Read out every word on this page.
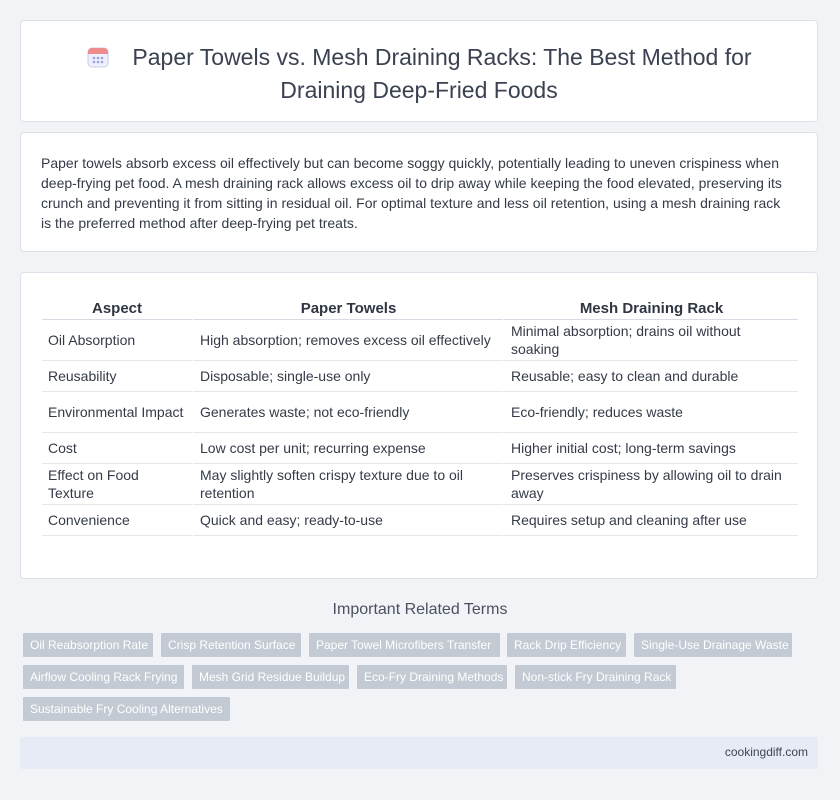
Paper Towels vs. Mesh Draining Racks: The Best Method for
Draining Deep-Fried Foods
Paper towels absorb excess oil effectively but can become soggy quickly, potentially leading to uneven crispiness when deep-frying pet food. A mesh draining rack allows excess oil to drip away while keeping the food elevated, preserving its crunch and preventing it from sitting in residual oil. For optimal texture and less oil retention, using a mesh draining rack is the preferred method after deep-frying pet treats.
Aspect	Paper Towels	Mesh Draining Rack
Oil Absorption	High absorption; removes excess oil effectively	Minimal absorption; drains oil without soaking
Reusability	Disposable; single-use only	Reusable; easy to clean and durable
Environmental Impact	Generates waste; not eco-friendly	Eco-friendly; reduces waste
Cost	Low cost per unit; recurring expense	Higher initial cost; long-term savings
Effect on Food Texture	May slightly soften crispy texture due to oil retention	Preserves crispiness by allowing oil to drain away
Convenience	Quick and easy; ready-to-use	Requires setup and cleaning after use
Important Related Terms
Oil Reabsorption Rate	Crisp Retention Surface	Paper Towel Microfibers Transfer	Rack Drip Efficiency	Single-Use Drainage Waste
Airflow Cooling Rack Frying	Mesh Grid Residue Buildup	Eco-Fry Draining Methods	Non-stick Fry Draining Rack
Sustainable Fry Cooling Alternatives
cookingdiff.com
